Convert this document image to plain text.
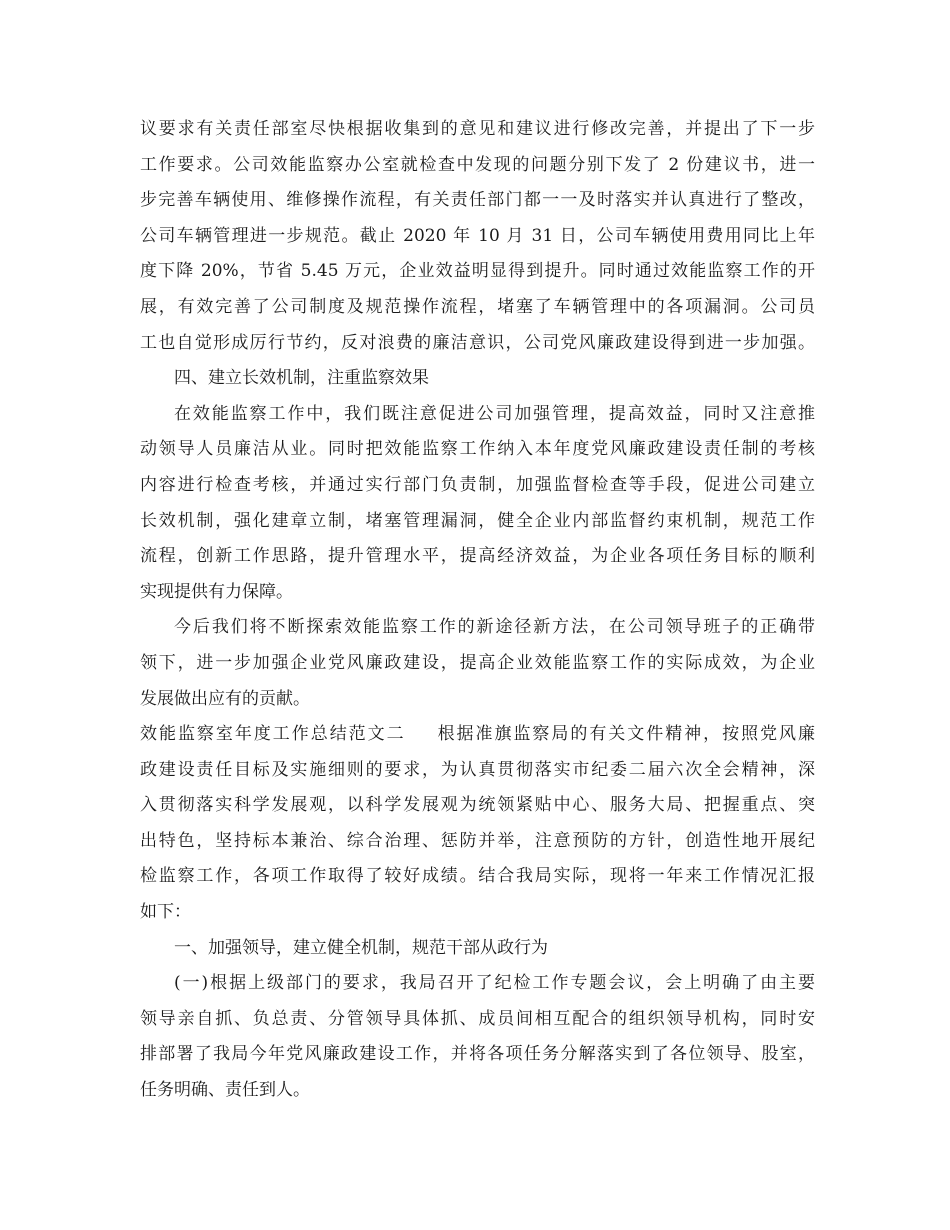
议要求有关责任部室尽快根据收集到的意见和建议进行修改完善，并提出了下一步
工作要求。公司效能监察办公室就检查中发现的问题分别下发了 2 份建议书，进一
步完善车辆使用、维修操作流程，有关责任部门都一一及时落实并认真进行了整改，
公司车辆管理进一步规范。截止 2020 年 10 月 31 日，公司车辆使用费用同比上年
度下降 20%，节省 5.45 万元，企业效益明显得到提升。同时通过效能监察工作的开
展，有效完善了公司制度及规范操作流程，堵塞了车辆管理中的各项漏洞。公司员
工也自觉形成厉行节约，反对浪费的廉洁意识，公司党风廉政建设得到进一步加强。
四、建立长效机制，注重监察效果
在效能监察工作中，我们既注意促进公司加强管理，提高效益，同时又注意推
动领导人员廉洁从业。同时把效能监察工作纳入本年度党风廉政建设责任制的考核
内容进行检查考核，并通过实行部门负责制，加强监督检查等手段，促进公司建立
长效机制，强化建章立制，堵塞管理漏洞，健全企业内部监督约束机制，规范工作
流程，创新工作思路，提升管理水平，提高经济效益，为企业各项任务目标的顺利
实现提供有力保障。
今后我们将不断探索效能监察工作的新途径新方法，在公司领导班子的正确带
领下，进一步加强企业党风廉政建设，提高企业效能监察工作的实际成效，为企业
发展做出应有的贡献。
效能监察室年度工作总结范文二 根据准旗监察局的有关文件精神，按照党风廉
政建设责任目标及实施细则的要求，为认真贯彻落实市纪委二届六次全会精神，深
入贯彻落实科学发展观，以科学发展观为统领紧贴中心、服务大局、把握重点、突
出特色，坚持标本兼治、综合治理、惩防并举，注意预防的方针，创造性地开展纪
检监察工作，各项工作取得了较好成绩。结合我局实际，现将一年来工作情况汇报
如下：
一、加强领导，建立健全机制，规范干部从政行为
(一)根据上级部门的要求，我局召开了纪检工作专题会议，会上明确了由主要
领导亲自抓、负总责、分管领导具体抓、成员间相互配合的组织领导机构，同时安
排部署了我局今年党风廉政建设工作，并将各项任务分解落实到了各位领导、股室，
任务明确、责任到人。
